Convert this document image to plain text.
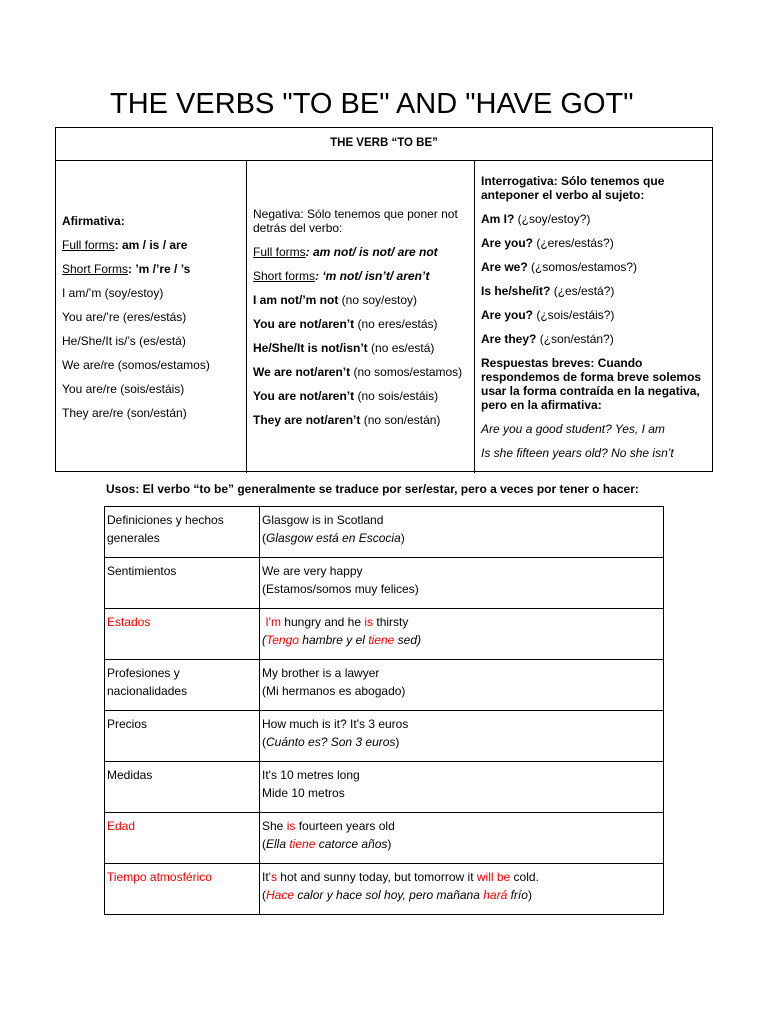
THE VERBS "TO BE" AND "HAVE GOT"
THE VERB “TO BE”
Afirmativa:
Full forms: am / is / are
Short Forms: ’m /’re / ’s
I am/’m (soy/estoy)
You are/’re (eres/estás)
He/She/It is/’s (es/está)
We are/re (somos/estamos)
You are/re (sois/estáis)
They are/re (son/están)
Negativa: Sólo tenemos que poner not detrás del verbo:
Full forms: am not/ is not/ are not
Short forms: ‘m not/ isn’t/ aren’t
I am not/’m not (no soy/estoy)
You are not/aren’t (no eres/estás)
He/She/It is not/isn’t (no es/está)
We are not/aren’t (no somos/estamos)
You are not/aren’t (no sois/estáis)
They are not/aren’t (no son/están)
Interrogativa: Sólo tenemos que anteponer el verbo al sujeto:
Am I? (¿soy/estoy?)
Are you? (¿eres/estás?)
Are we? (¿somos/estamos?)
Is he/she/it? (¿es/está?)
Are you? (¿sois/estáis?)
Are they? (¿son/están?)
Respuestas breves: Cuando respondemos de forma breve solemos usar la forma contraída en la negativa, pero en la afirmativa:
Are you a good student? Yes, I am
Is she fifteen years old? No she isn’t
Usos: El verbo “to be” generalmente se traduce por ser/estar, pero a veces por tener o hacer:
Definiciones y hechos generales	Glasgow is in Scotland
(Glasgow está en Escocia)

Sentimientos	We are very happy
(Estamos/somos muy felices)

Estados	I'm hungry and he is thirsty
(Tengo hambre y el tiene sed)

Profesiones y nacionalidades	My brother is a lawyer
(Mi hermanos es abogado)

Precios	How much is it? It's 3 euros
(Cuánto es? Son 3 euros)

Medidas	It's 10 metres long
Mide 10 metros

Edad	She is fourteen years old
(Ella tiene catorce años)

Tiempo atmosférico	It's hot and sunny today, but tomorrow it will be cold.
(Hace calor y hace sol hoy, pero mañana hará frío)
